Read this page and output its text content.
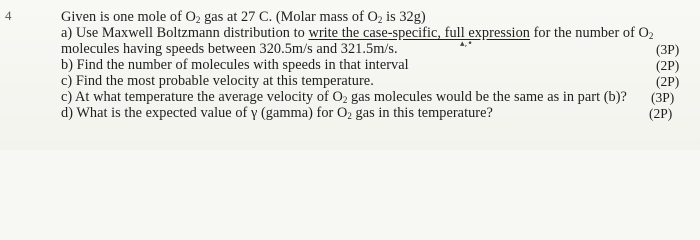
4	Given is one mole of $O_2$ gas at 27 C. (Molar mass of $O_2$ is 32g)
a) Use Maxwell Boltzmann distribution to write the case-specific, full expression for the number of $O_2$
molecules having speeds between 320.5m/s and 321.5m/s.	▴,•	(3P)
b) Find the number of molecules with speeds in that interval	(2P)
c) Find the most probable velocity at this temperature.	(2P)
c) At what temperature the average velocity of $O_2$ gas molecules would be the same as in part (b)? (3P)
d) What is the expected value of γ (gamma) for $O_2$ gas in this temperature?	(2P)
